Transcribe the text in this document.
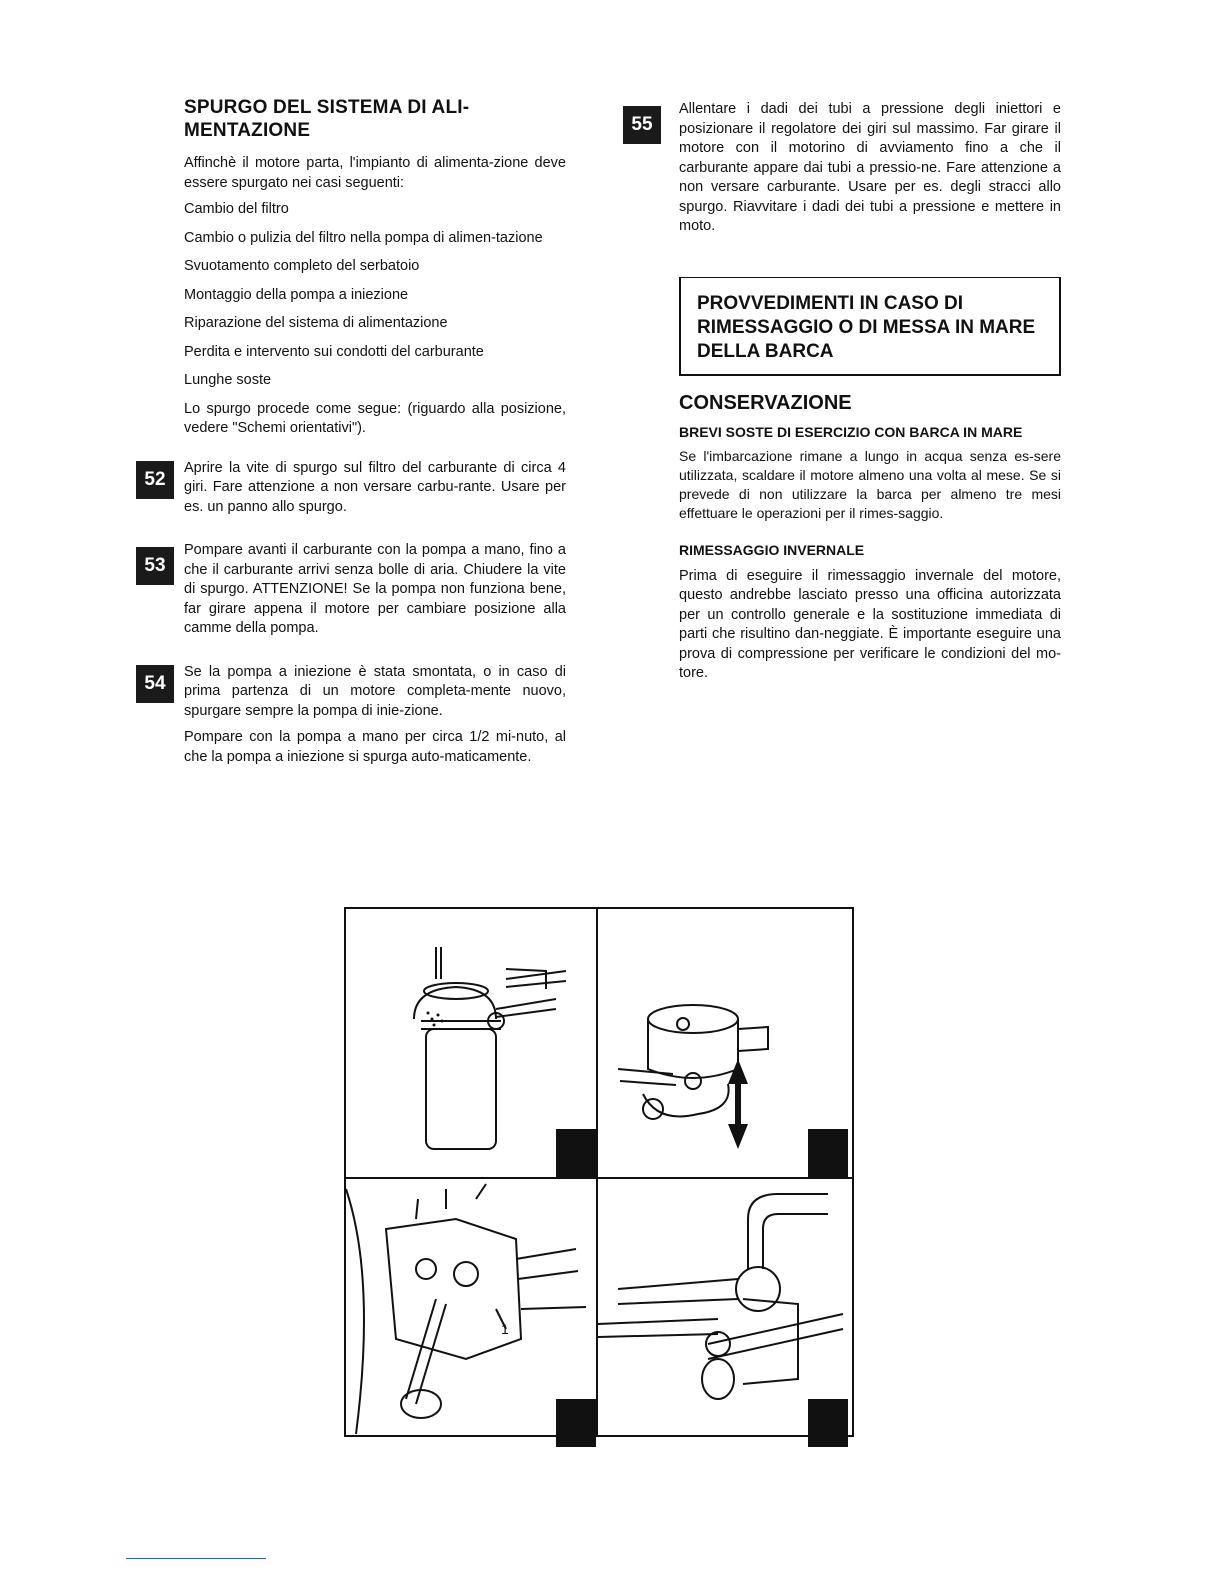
SPURGO DEL SISTEMA DI ALI-
MENTAZIONE

Affinchè il motore parta, l'impianto di alimenta-zione deve essere spurgato nei casi seguenti:

Cambio del filtro

Cambio o pulizia del filtro nella pompa di alimen-tazione

Svuotamento completo del serbatoio

Montaggio della pompa a iniezione

Riparazione del sistema di alimentazione

Perdita e intervento sui condotti del carburante

Lunghe soste

Lo spurgo procede come segue: (riguardo alla posizione, vedere "Schemi orientativi").

52

Aprire la vite di spurgo sul filtro del carburante di circa 4 giri. Fare attenzione a non versare carbu-rante. Usare per es. un panno allo spurgo.

53

Pompare avanti il carburante con la pompa a mano, fino a che il carburante arrivi senza bolle di aria. Chiudere la vite di spurgo. ATTENZIONE! Se la pompa non funziona bene, far girare appena il motore per cambiare posizione alla camme della pompa.

54

Se la pompa a iniezione è stata smontata, o in caso di prima partenza di un motore completa-mente nuovo, spurgare sempre la pompa di inie-zione.

Pompare con la pompa a mano per circa 1/2 mi-nuto, al che la pompa a iniezione si spurga auto-maticamente.

55

Allentare i dadi dei tubi a pressione degli iniettori e posizionare il regolatore dei giri sul massimo. Far girare il motore con il motorino di avviamento fino a che il carburante appare dai tubi a pressio-ne. Fare attenzione a non versare carburante. Usare per es. degli stracci allo spurgo. Riavvitare i dadi dei tubi a pressione e mettere in moto.

PROVVEDIMENTI IN CASO DI RIMESSAGGIO O DI MESSA IN MARE DELLA BARCA
CONSERVAZIONE
BREVI SOSTE DI ESERCIZIO CON BARCA IN MARE

Se l'imbarcazione rimane a lungo in acqua senza es-sere utilizzata, scaldare il motore almeno una volta al mese. Se si prevede di non utilizzare la barca per almeno tre mesi effettuare le operazioni per il rimes-saggio.

RIMESSAGGIO INVERNALE

Prima di eseguire il rimessaggio invernale del motore, questo andrebbe lasciato presso una officina autorizzata per un controllo generale e la sostituzione immediata di parti che risultino dan-neggiate. È importante eseguire una prova di compressione per verificare le condizioni del mo-tore.

1
